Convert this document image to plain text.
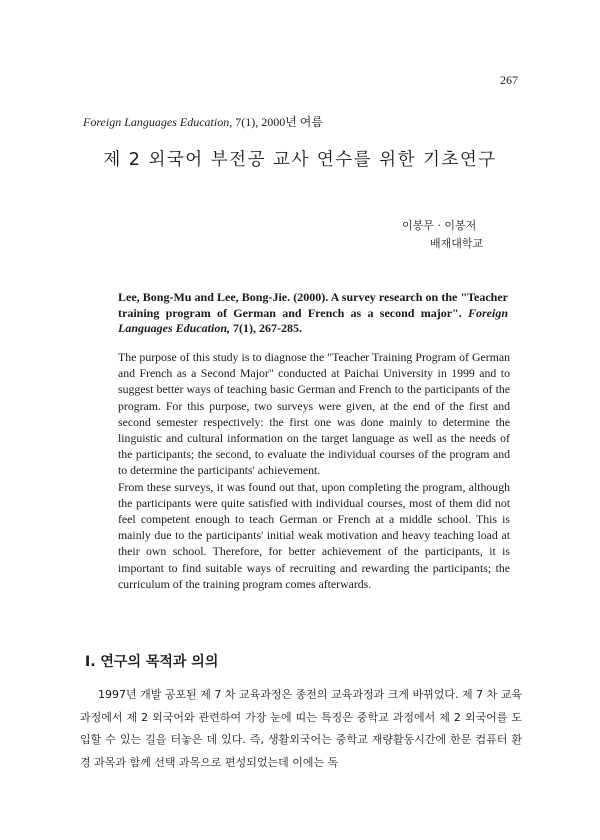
267
Foreign Languages Education, 7(1), 2000년 여름
제 2 외국어 부전공 교사 연수를 위한 기초연구
이봉무 · 이봉저
배재대학교
Lee, Bong-Mu and Lee, Bong-Jie. (2000). A survey research on the "Teacher training program of German and French as a second major". Foreign Languages Education, 7(1), 267-285.

The purpose of this study is to diagnose the "Teacher Training Program of German and French as a Second Major" conducted at Paichai University in 1999 and to suggest better ways of teaching basic German and French to the participants of the program. For this purpose, two surveys were given, at the end of the first and second semester respectively: the first one was done mainly to determine the linguistic and cultural information on the target language as well as the needs of the participants; the second, to evaluate the individual courses of the program and to determine the participants' achievement.

From these surveys, it was found out that, upon completing the program, although the participants were quite satisfied with individual courses, most of them did not feel competent enough to teach German or French at a middle school. This is mainly due to the participants' initial weak motivation and heavy teaching load at their own school. Therefore, for better achievement of the participants, it is important to find suitable ways of recruiting and rewarding the participants; the curriculum of the training program comes afterwards.

Ⅰ. 연구의 목적과 의의
1997년 개발 공포된 제 7 차 교육과정은 종전의 교육과정과 크게 바뀌었다. 제 7 차 교육 과정에서 제 2 외국어와 관련하여 가장 눈에 띠는 특징은 중학교 과정에서 제 2 외국어를 도입할 수 있는 길을 터놓은 데 있다. 즉, 생활외국어는 중학교 재량활동시간에 한문 컴퓨터 환경 과목과 함께 선택 과목으로 편성되었는데 이에는 독
